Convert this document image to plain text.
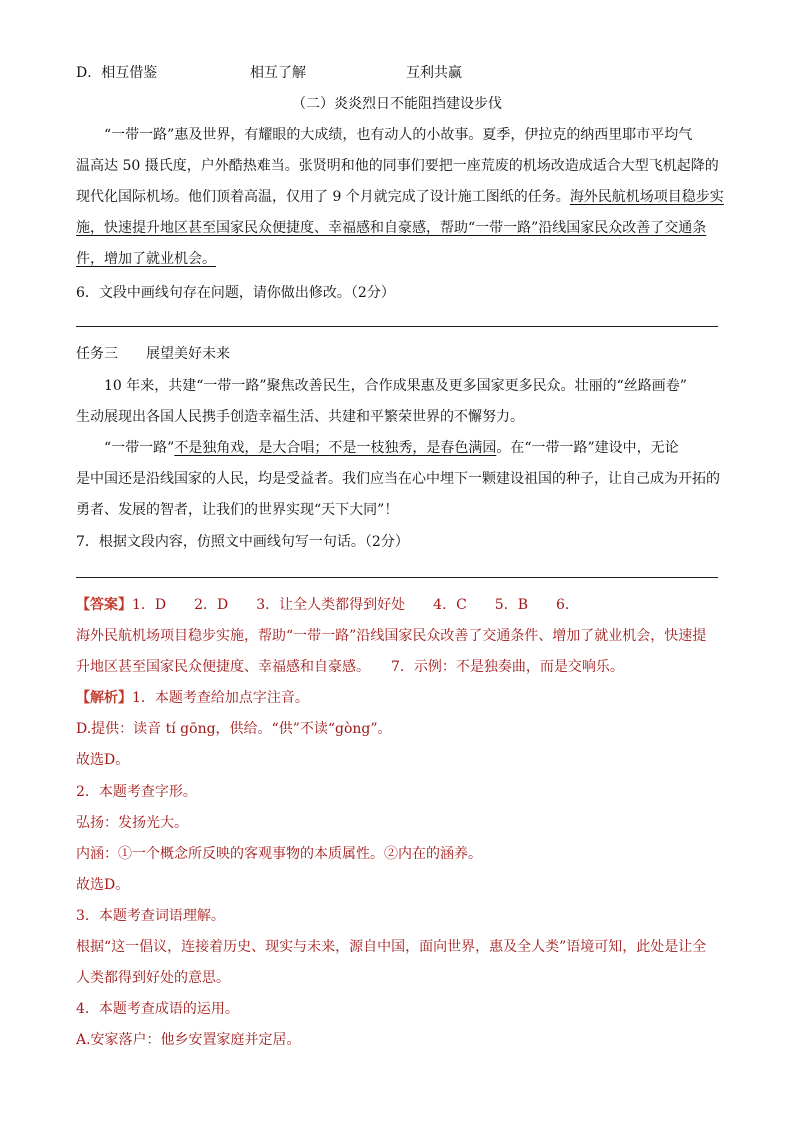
D．相互借鉴	相互了解	互利共赢
（二）炎炎烈日不能阻挡建设步伐
“一带一路”惠及世界，有耀眼的大成绩，也有动人的小故事。夏季，伊拉克的纳西里耶市平均气
温高达 50 摄氏度，户外酷热难当。张贤明和他的同事们要把一座荒废的机场改造成适合大型飞机起降的
现代化国际机场。他们顶着高温，仅用了 9 个月就完成了设计施工图纸的任务。海外民航机场项目稳步实
施，快速提升地区甚至国家民众便捷度、幸福感和自豪感，帮助“一带一路”沿线国家民众改善了交通条
件，增加了就业机会。
6．文段中画线句存在问题，请你做出修改。（2分）
任务三 展望美好未来
10 年来，共建“一带一路”聚焦改善民生，合作成果惠及更多国家更多民众。壮丽的“丝路画卷”
生动展现出各国人民携手创造幸福生活、共建和平繁荣世界的不懈努力。
“一带一路”不是独角戏，是大合唱；不是一枝独秀，是春色满园。在“一带一路”建设中，无论
是中国还是沿线国家的人民，均是受益者。我们应当在心中埋下一颗建设祖国的种子，让自己成为开拓的
勇者、发展的智者，让我们的世界实现“天下大同”！
7．根据文段内容，仿照文中画线句写一句话。（2分）
【答案】1．D　　2．D　　3．让全人类都得到好处　　4．C　　5．B　　6．
海外民航机场项目稳步实施，帮助“一带一路”沿线国家民众改善了交通条件、增加了就业机会，快速提
升地区甚至国家民众便捷度、幸福感和自豪感。　　7．示例：不是独奏曲，而是交响乐。
【解析】1．本题考查给加点字注音。
D.提供：读音 tí gōng，供给。“供”不读“gòng”。
故选D。
2．本题考查字形。
弘扬：发扬光大。
内涵：①一个概念所反映的客观事物的本质属性。②内在的涵养。
故选D。
3．本题考查词语理解。
根据“这一倡议，连接着历史、现实与未来，源自中国，面向世界，惠及全人类”语境可知，此处是让全
人类都得到好处的意思。
4．本题考查成语的运用。
A.安家落户：他乡安置家庭并定居。
